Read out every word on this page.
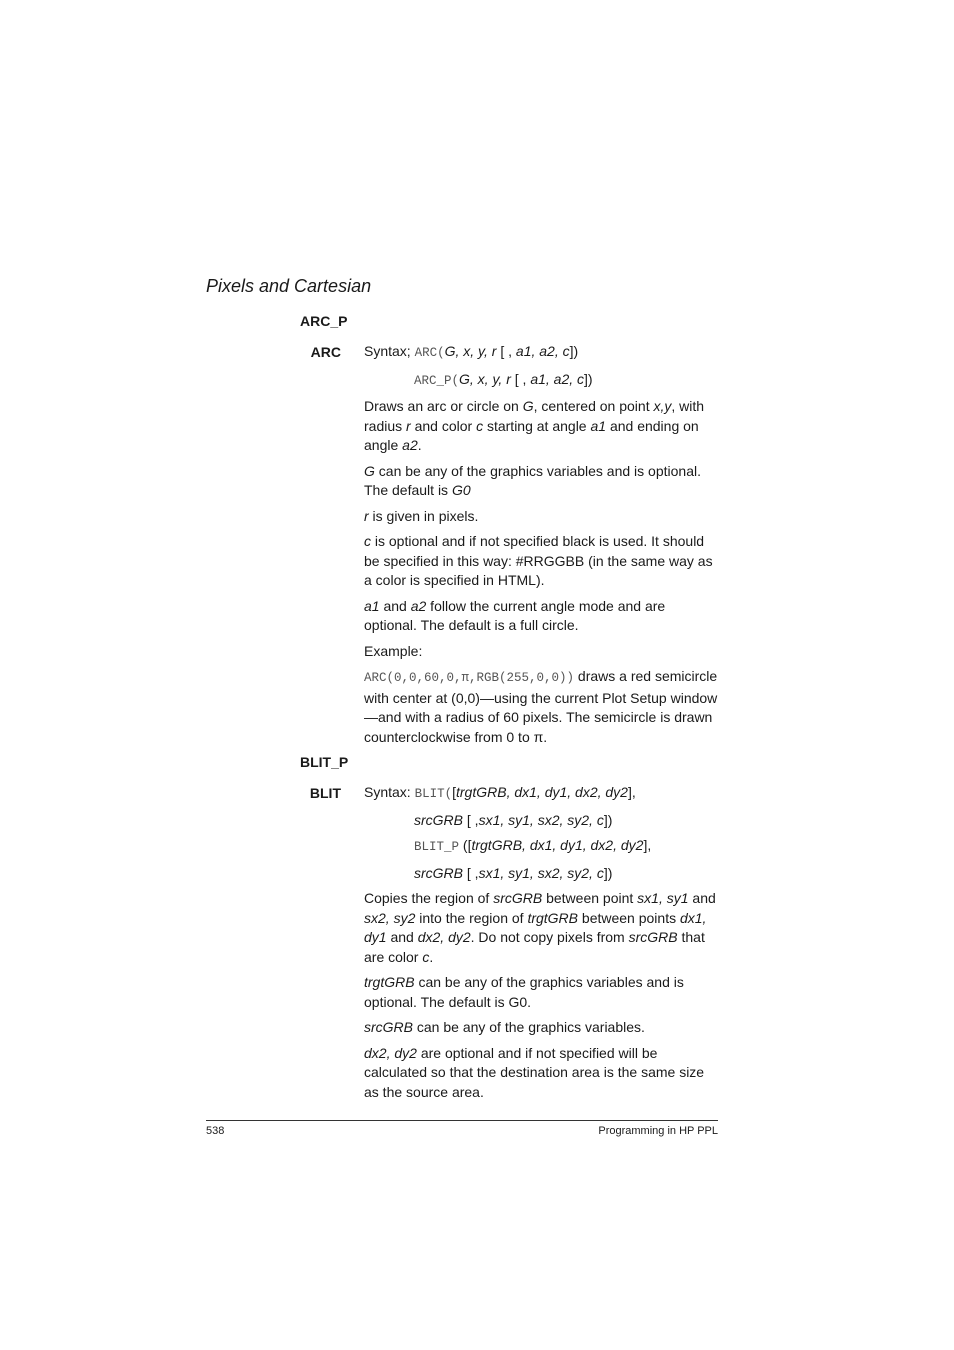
Pixels and Cartesian
ARC_P
ARC Syntax; ARC(G, x, y, r [ , a1, a2, c])

ARC_P(G, x, y, r [ , a1, a2, c])

Draws an arc or circle on G, centered on point x,y, with radius r and color c starting at angle a1 and ending on angle a2.

G can be any of the graphics variables and is optional. The default is G0

r is given in pixels.

c is optional and if not specified black is used. It should be specified in this way: #RRGGBB (in the same way as a color is specified in HTML).

a1 and a2 follow the current angle mode and are optional. The default is a full circle.

Example:

ARC(0,0,60,0,π,RGB(255,0,0)) draws a red semicircle with center at (0,0)—using the current Plot Setup window—and with a radius of 60 pixels. The semicircle is drawn counterclockwise from 0 to π.

BLIT_P
BLIT Syntax: BLIT([trgtGRB, dx1, dy1, dx2, dy2],

srcGRB [ ,sx1, sy1, sx2, sy2, c])

BLIT_P ([trgtGRB, dx1, dy1, dx2, dy2],

srcGRB [ ,sx1, sy1, sx2, sy2, c])

Copies the region of srcGRB between point sx1, sy1 and sx2, sy2 into the region of trgtGRB between points dx1, dy1 and dx2, dy2. Do not copy pixels from srcGRB that are color c.

trgtGRB can be any of the graphics variables and is optional. The default is G0.

srcGRB can be any of the graphics variables.

dx2, dy2 are optional and if not specified will be calculated so that the destination area is the same size as the source area.

538	Programming in HP PPL
